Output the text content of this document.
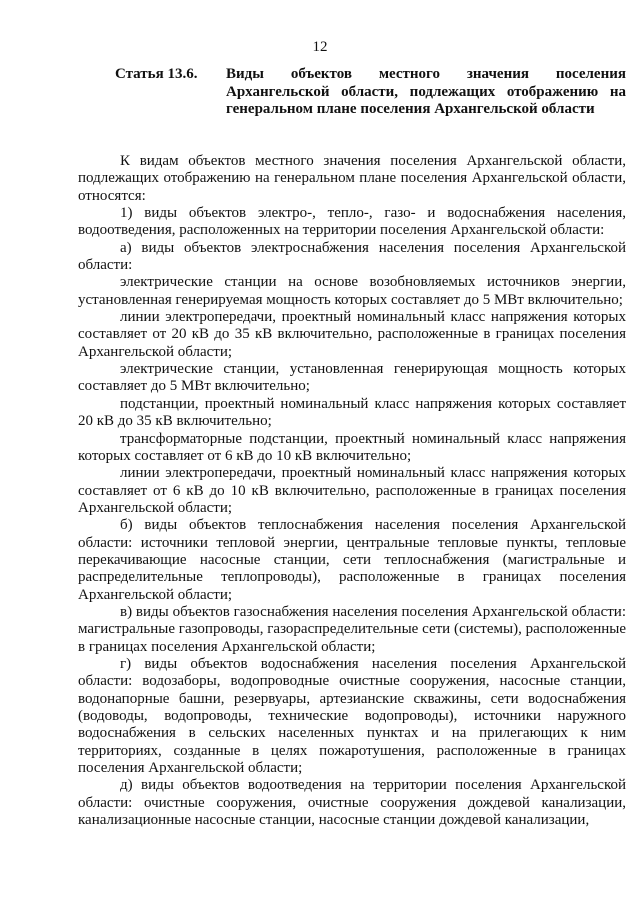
12
Статья 13.6.	Виды объектов местного значения поселения Архангельской области, подлежащих отображению на генеральном плане поселения Архангельской области

К видам объектов местного значения поселения Архангельской области, подлежащих отображению на генеральном плане поселения Архангельской области, относятся:

1) виды объектов электро-, тепло-, газо- и водоснабжения населения, водоотведения, расположенных на территории поселения Архангельской области:

а) виды объектов электроснабжения населения поселения Архангельской области:

электрические станции на основе возобновляемых источников энергии, установленная генерируемая мощность которых составляет до 5 МВт включительно;

линии электропередачи, проектный номинальный класс напряжения которых составляет от 20 кВ до 35 кВ включительно, расположенные в границах поселения Архангельской области;

электрические станции, установленная генерирующая мощность которых составляет до 5 МВт включительно;

подстанции, проектный номинальный класс напряжения которых составляет 20 кВ до 35 кВ включительно;

трансформаторные подстанции, проектный номинальный класс напряжения которых составляет от 6 кВ до 10 кВ включительно;

линии электропередачи, проектный номинальный класс напряжения которых составляет от 6 кВ до 10 кВ включительно, расположенные в границах поселения Архангельской области;

б) виды объектов теплоснабжения населения поселения Архангельской области: источники тепловой энергии, центральные тепловые пункты, тепловые перекачивающие насосные станции, сети теплоснабжения (магистральные и распределительные теплопроводы), расположенные в границах поселения Архангельской области;

в) виды объектов газоснабжения населения поселения Архангельской области: магистральные газопроводы, газораспределительные сети (системы), расположенные в границах поселения Архангельской области;

г) виды объектов водоснабжения населения поселения Архангельской области: водозаборы, водопроводные очистные сооружения, насосные станции, водонапорные башни, резервуары, артезианские скважины, сети водоснабжения (водоводы, водопроводы, технические водопроводы), источники наружного водоснабжения в сельских населенных пунктах и на прилегающих к ним территориях, созданные в целях пожаротушения, расположенные в границах поселения Архангельской области;

д) виды объектов водоотведения на территории поселения Архангельской области: очистные сооружения, очистные сооружения дождевой канализации, канализационные насосные станции, насосные станции дождевой канализации,
